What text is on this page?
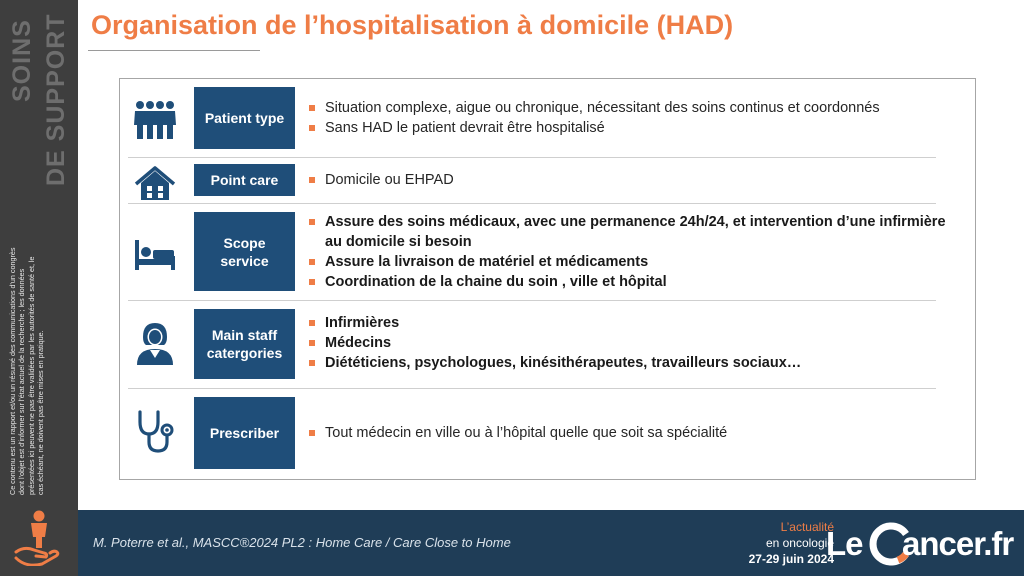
SOINS DE SUPPORT
Ce contenu est un rapport et/ou un résumé des communications d'un congrès dont l'objet est d'informer sur l'état actuel de la recherche ; les données présentées ici peuvent ne pas être validées par les autorités de santé et, le cas échéant, ne doivent pas être mises en pratique.
Organisation de l’hospitalisation à domicile (HAD)
Patient type
Situation complexe, aigue ou chronique, nécessitant des soins continus et coordonnés
Sans HAD le patient devrait être hospitalisé
Point care	Domicile ou EHPAD
Scope service
Assure des soins médicaux, avec une permanence 24h/24, et intervention d’une infirmière au domicile si besoin
Assure la livraison de matériel et médicaments
Coordination de la chaine du soin , ville et hôpital
Main staff catergories
Infirmières
Médecins
Diététiciens, psychologues, kinésithérapeutes, travailleurs sociaux…
Prescriber	Tout médecin en ville ou à l’hôpital quelle que soit sa spécialité
M. Poterre et al., MASCC®2024 PL2 : Home Care / Care Close to Home
L’actualité
en oncologie
27-29 juin 2024
Le ancer.fr
